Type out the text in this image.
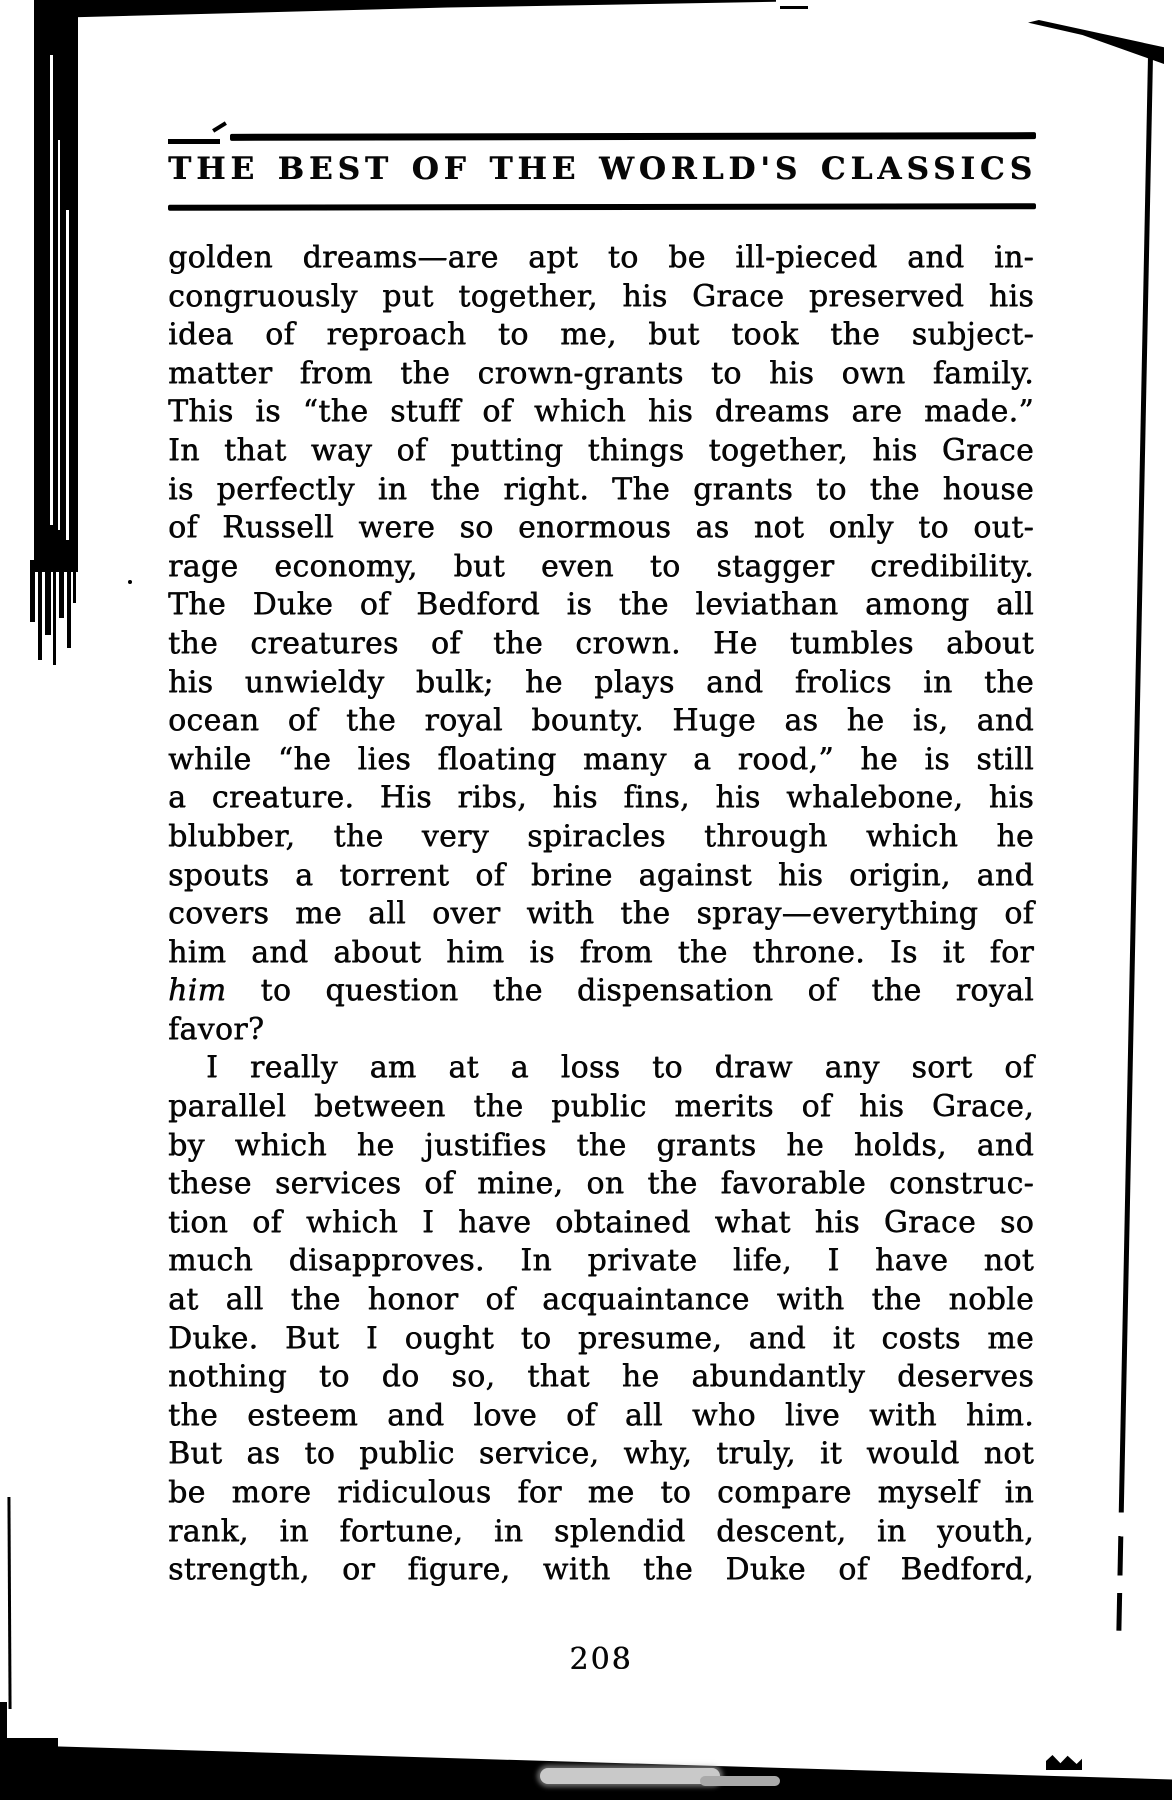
THE BEST OF THE WORLD'S CLASSICS
golden dreams—are apt to be ill-pieced and in-
congruously put together, his Grace preserved his
idea of reproach to me, but took the subject-
matter from the crown-grants to his own family.
This is “the stuff of which his dreams are made.”
In that way of putting things together, his Grace
is perfectly in the right. The grants to the house
of Russell were so enormous as not only to out-
rage economy, but even to stagger credibility.
The Duke of Bedford is the leviathan among all
the creatures of the crown. He tumbles about
his unwieldy bulk; he plays and frolics in the
ocean of the royal bounty. Huge as he is, and
while “he lies floating many a rood,” he is still
a creature. His ribs, his fins, his whalebone, his
blubber, the very spiracles through which he
spouts a torrent of brine against his origin, and
covers me all over with the spray—everything of
him and about him is from the throne. Is it for
him to question the dispensation of the royal
favor?
I really am at a loss to draw any sort of
parallel between the public merits of his Grace,
by which he justifies the grants he holds, and
these services of mine, on the favorable construc-
tion of which I have obtained what his Grace so
much disapproves. In private life, I have not
at all the honor of acquaintance with the noble
Duke. But I ought to presume, and it costs me
nothing to do so, that he abundantly deserves
the esteem and love of all who live with him.
But as to public service, why, truly, it would not
be more ridiculous for me to compare myself in
rank, in fortune, in splendid descent, in youth,
strength, or figure, with the Duke of Bedford,
208
